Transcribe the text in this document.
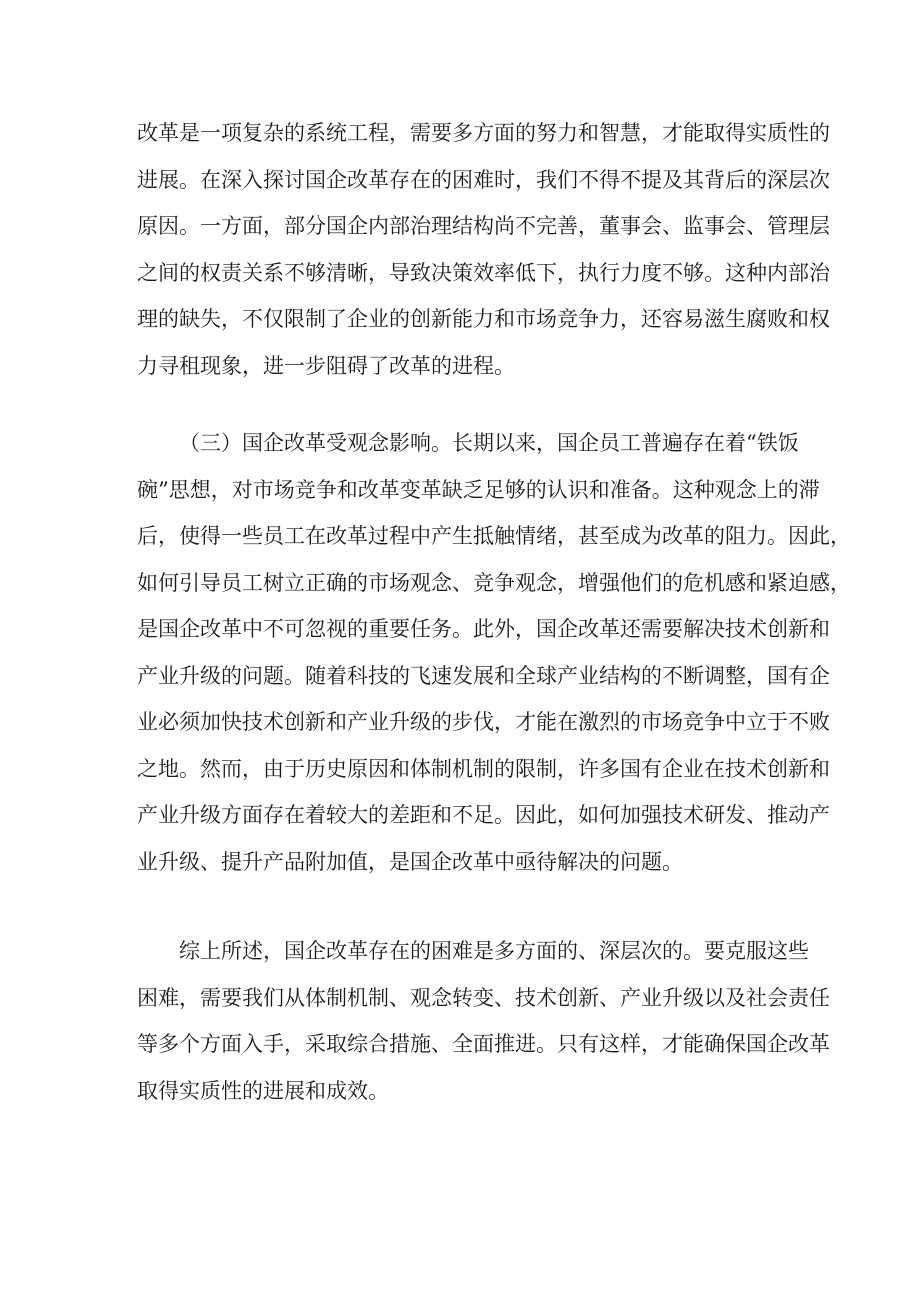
改革是一项复杂的系统工程，需要多方面的努力和智慧，才能取得实质性的
进展。在深入探讨国企改革存在的困难时，我们不得不提及其背后的深层次
原因。一方面，部分国企内部治理结构尚不完善，董事会、监事会、管理层
之间的权责关系不够清晰，导致决策效率低下，执行力度不够。这种内部治
理的缺失，不仅限制了企业的创新能力和市场竞争力，还容易滋生腐败和权
力寻租现象，进一步阻碍了改革的进程。
（三）国企改革受观念影响。长期以来，国企员工普遍存在着“铁饭
碗”思想，对市场竞争和改革变革缺乏足够的认识和准备。这种观念上的滞
后，使得一些员工在改革过程中产生抵触情绪，甚至成为改革的阻力。因此，
如何引导员工树立正确的市场观念、竞争观念，增强他们的危机感和紧迫感，
是国企改革中不可忽视的重要任务。此外，国企改革还需要解决技术创新和
产业升级的问题。随着科技的飞速发展和全球产业结构的不断调整，国有企
业必须加快技术创新和产业升级的步伐，才能在激烈的市场竞争中立于不败
之地。然而，由于历史原因和体制机制的限制，许多国有企业在技术创新和
产业升级方面存在着较大的差距和不足。因此，如何加强技术研发、推动产
业升级、提升产品附加值，是国企改革中亟待解决的问题。
综上所述，国企改革存在的困难是多方面的、深层次的。要克服这些
困难，需要我们从体制机制、观念转变、技术创新、产业升级以及社会责任
等多个方面入手，采取综合措施、全面推进。只有这样，才能确保国企改革
取得实质性的进展和成效。
